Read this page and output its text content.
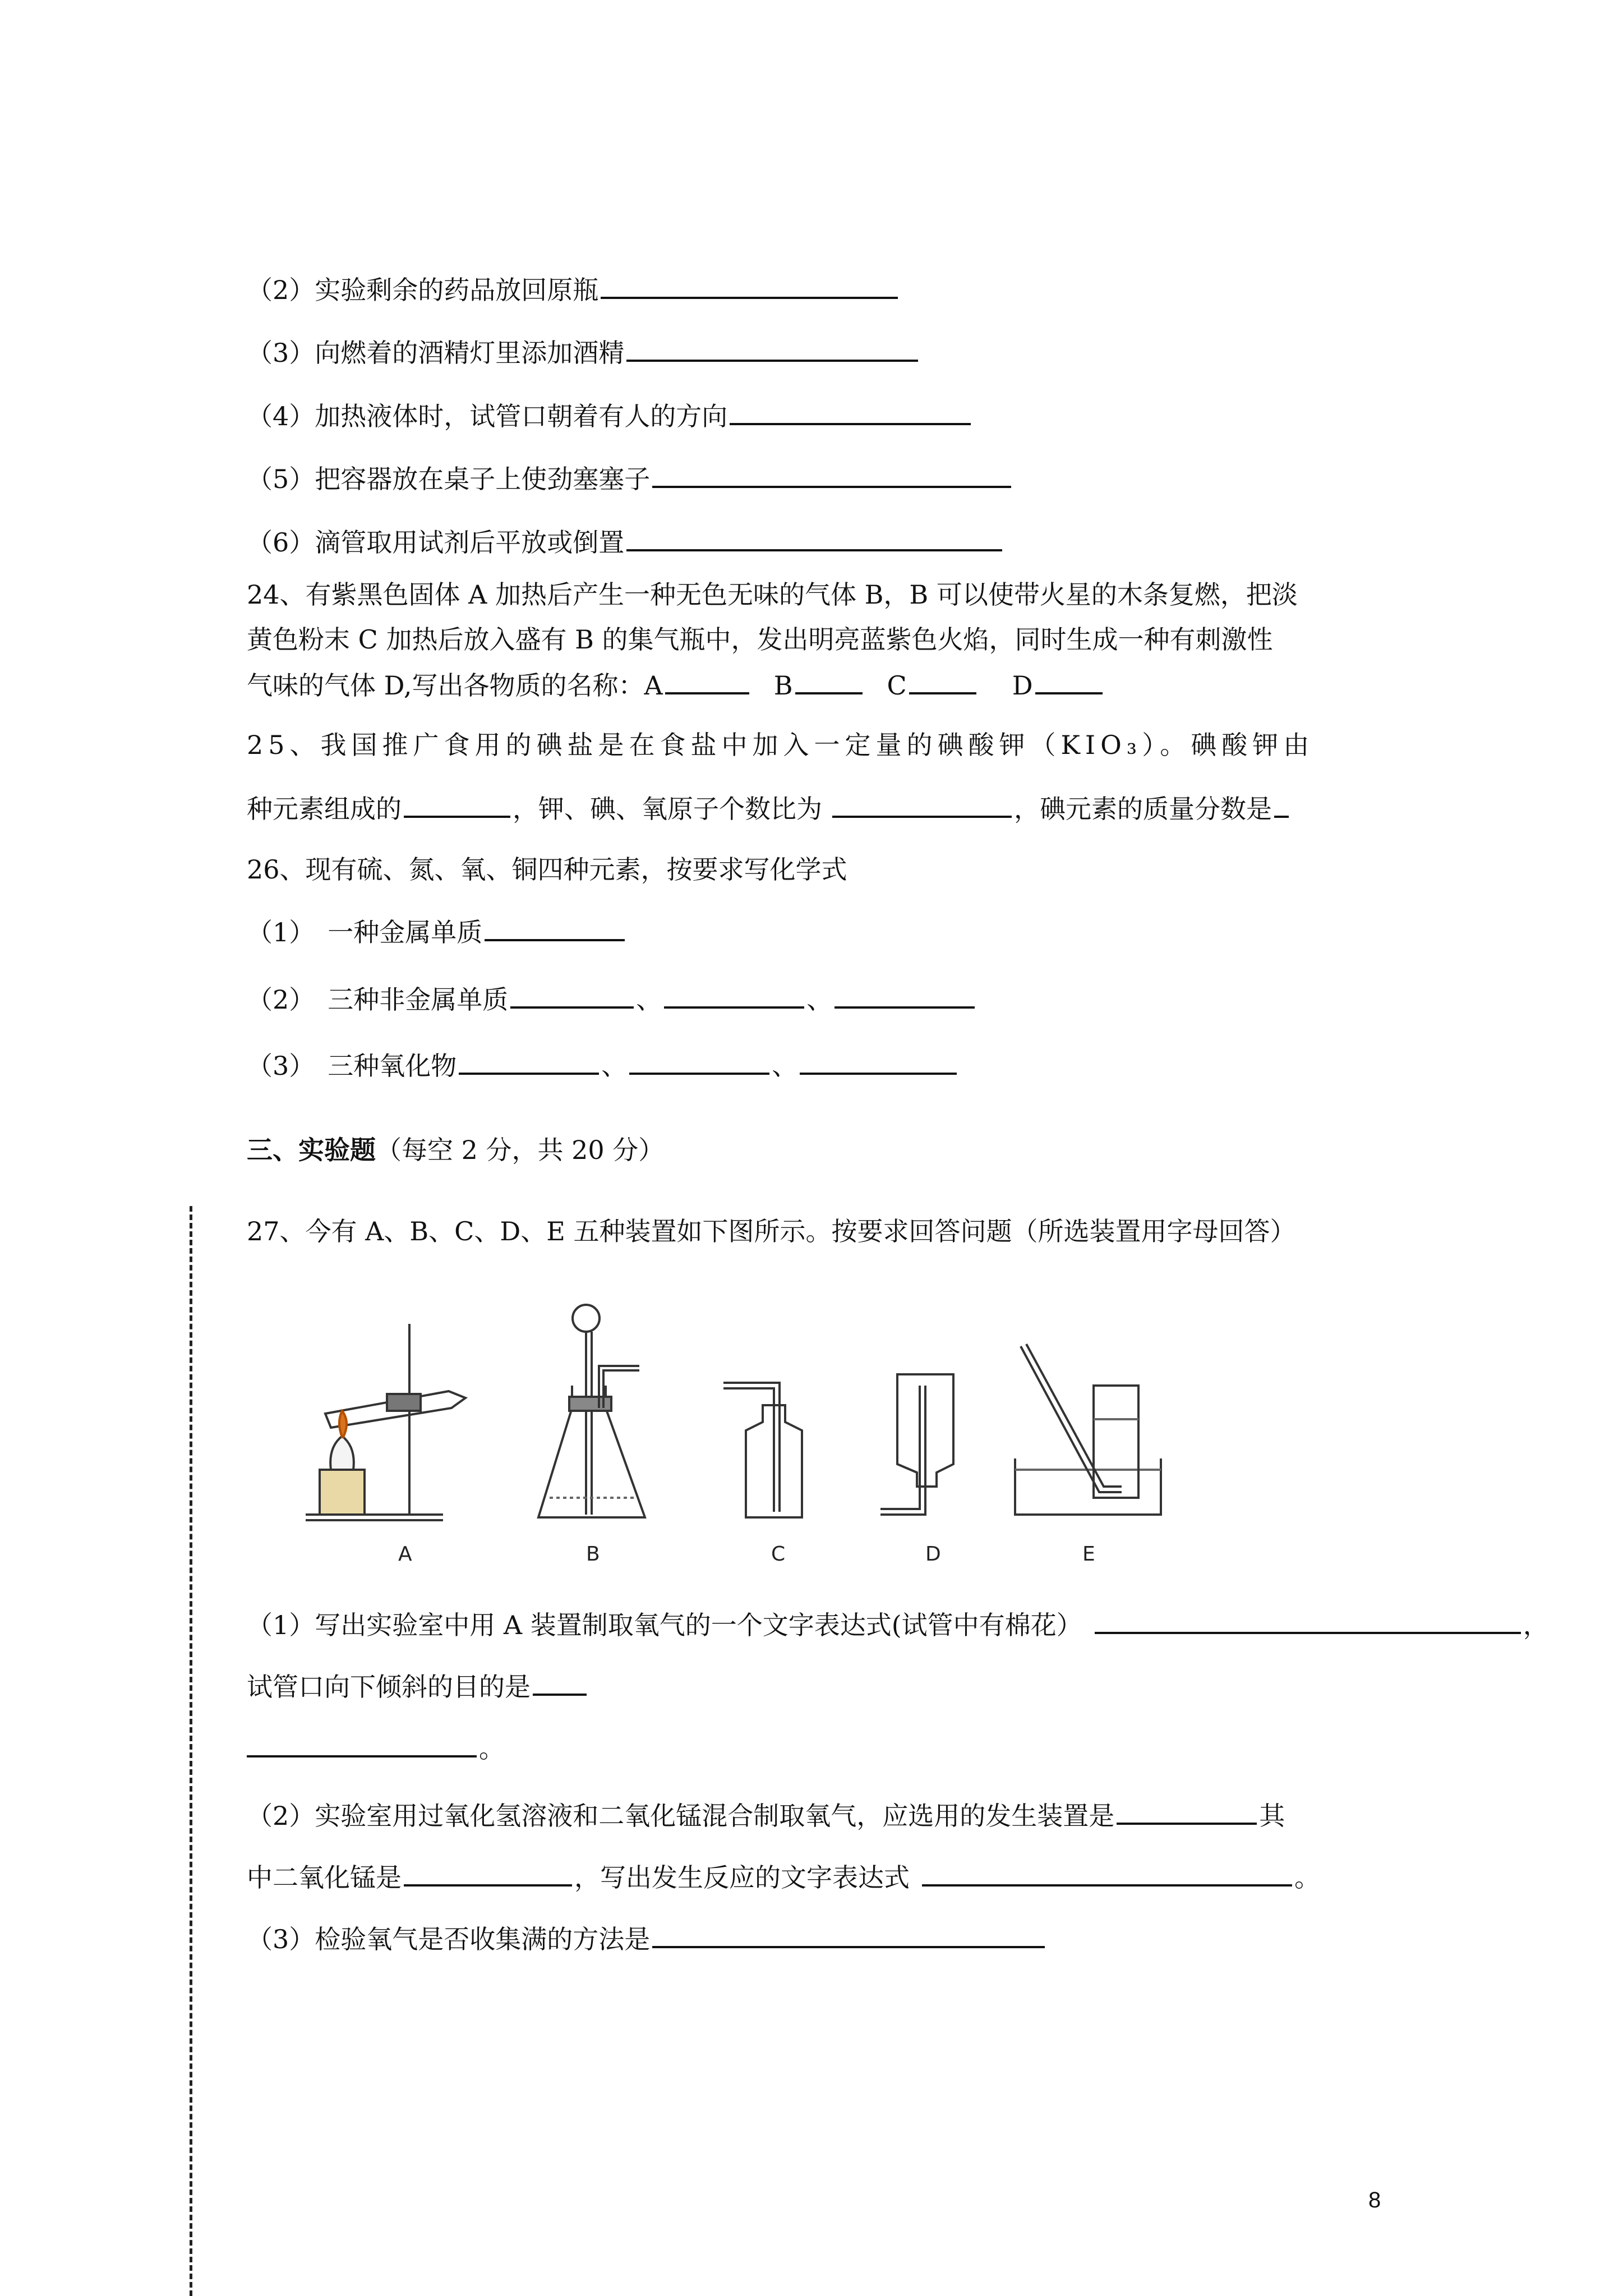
（2）实验剩余的药品放回原瓶
（3）向燃着的酒精灯里添加酒精
（4）加热液体时，试管口朝着有人的方向
（5）把容器放在桌子上使劲塞塞子
（6）滴管取用试剂后平放或倒置
24、有紫黑色固体 A 加热后产生一种无色无味的气体 B，B 可以使带火星的木条复燃，把淡
黄色粉末 C 加热后放入盛有 B 的集气瓶中，发出明亮蓝紫色火焰，同时生成一种有刺激性
气味的气体 D,写出各物质的名称：A	B	C	D
25、我国推广食用的碘盐是在食盐中加入一定量的碘酸钾（KIO₃）。碘酸钾由
种元素组成的	，钾、碘、氧原子个数比为	，碘元素的质量分数是
26、现有硫、氮、氧、铜四种元素，按要求写化学式
（1）　一种金属单质
（2）　三种非金属单质	、	、
（3）　三种氧化物	、	、
三、实验题（每空 2 分，共 20 分）
27、今有 A、B、C、D、E 五种装置如下图所示。按要求回答问题（所选装置用字母回答）
A	B	C	D	E
（1）写出实验室中用 A 装置制取氧气的一个文字表达式(试管中有棉花）	，
试管口向下倾斜的目的是
。
（2）实验室用过氧化氢溶液和二氧化锰混合制取氧气，应选用的发生装置是	其
中二氧化锰是	，写出发生反应的文字表达式	。
（3）检验氧气是否收集满的方法是
8
